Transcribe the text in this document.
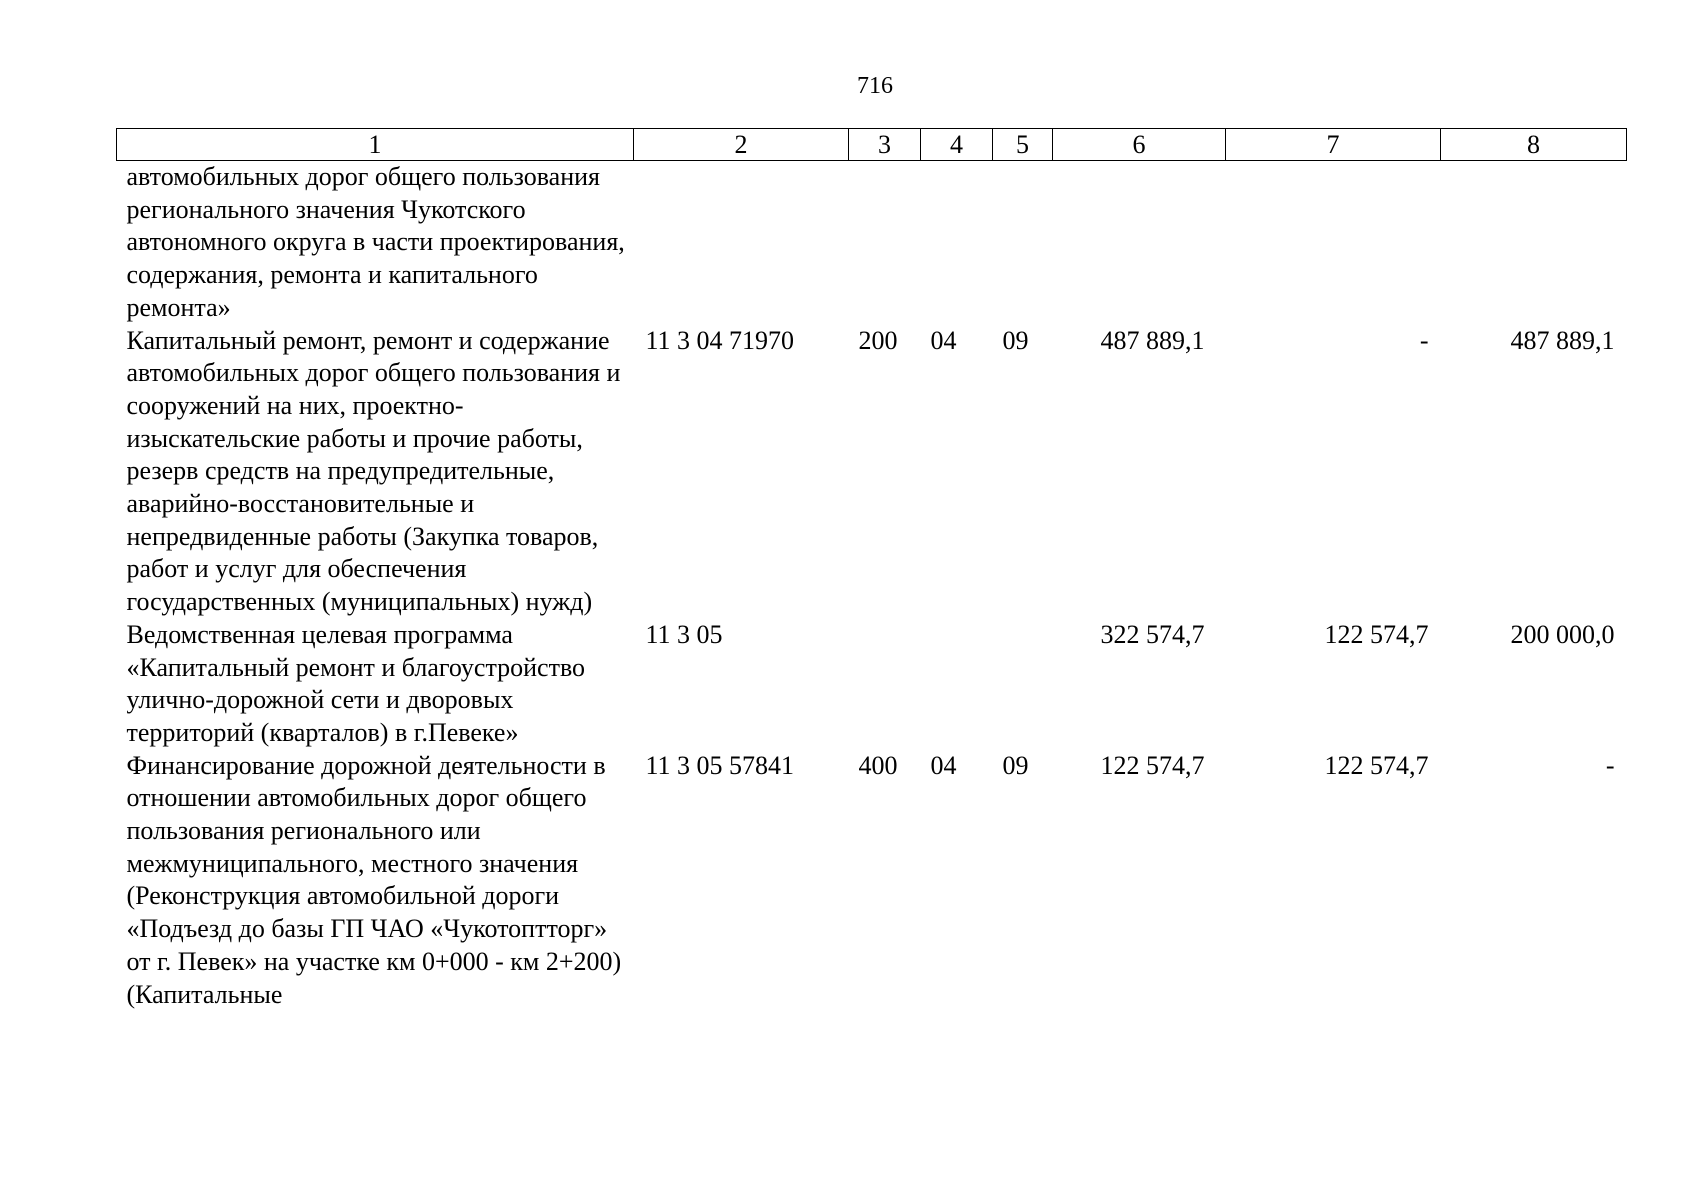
716
1	2	3	4	5	6	7	8
автомобильных дорог общего пользования регионального значения Чукотского автономного округа в части проектирования, содержания, ремонта и капитального ремонта»							
Капитальный ремонт, ремонт и содержание автомобильных дорог общего пользования и сооружений на них, проектно-изыскательские работы и прочие работы, резерв средств на предупредительные, аварийно-восстановительные и непредвиденные работы (Закупка товаров, работ и услуг для обеспечения государственных (муниципальных) нужд)	11 3 04 71970	200	04	09	487 889,1	-	487 889,1
Ведомственная целевая программа «Капитальный ремонт и благоустройство улично-дорожной сети и дворовых территорий (кварталов) в г.Певеке»	11 3 05				322 574,7	122 574,7	200 000,0
Финансирование дорожной деятельности в отношении автомобильных дорог общего пользования регионального или межмуниципального, местного значения (Реконструкция автомобильной дороги «Подъезд до базы ГП ЧАО «Чукотоптторг» от г. Певек» на участке км 0+000 - км 2+200) (Капитальные	11 3 05 57841	400	04	09	122 574,7	122 574,7	-
